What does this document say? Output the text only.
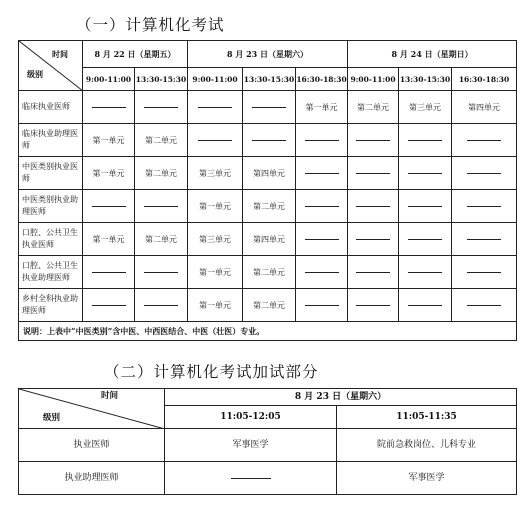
（一）计算机化考试
时间
级别	8 月 22 日（星期五）		8 月 23 日（星期六）			8 月 24 日（星期日）		
	9:00-11:00	13:30-15:30	9:00-11:00	13:30-15:30	16:30-18:30	9:00-11:00	13:30-15:30	16:30-18:30
临床执业医师					第一单元	第二单元	第三单元	第四单元
临床执业助理医师	第一单元	第二单元	

中医类别执业医师	第一单元	第二单元	第三单元	第四单元	

中医类别执业助理医师			第一单元	第二单元	

口腔、公共卫生执业医师	第一单元	第二单元	第三单元	第四单元	

口腔、公共卫生执业助理医师			第一单元	第二单元	

乡村全科执业助理医师			第一单元	第二单元	

说明：上表中“中医类别”含中医、中西医结合、中医（壮医）专业。								
（二）计算机化考试加试部分
时间
级别	8 月 23 日（星期六）	
	11:05-12:05	11:05-11:35
执业医师	军事医学	院前急救岗位、儿科专业
执业助理医师		军事医学
